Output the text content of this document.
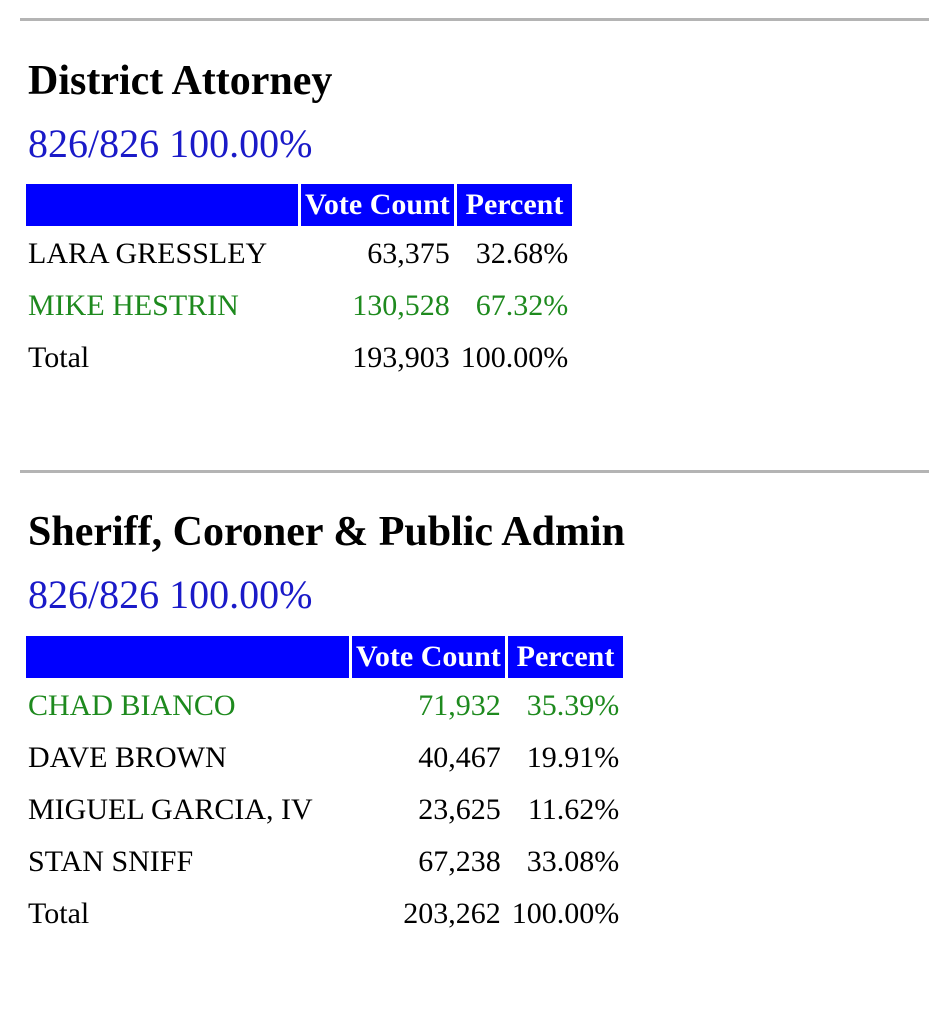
District Attorney

826/826 100.00%

	Vote Count	Percent
LARA GRESSLEY	63,375	32.68%
MIKE HESTRIN	130,528	67.32%
Total	193,903	100.00%
Sheriff, Coroner & Public Admin

826/826 100.00%

	Vote Count	Percent
CHAD BIANCO	71,932	35.39%
DAVE BROWN	40,467	19.91%
MIGUEL GARCIA, IV	23,625	11.62%
STAN SNIFF	67,238	33.08%
Total	203,262	100.00%
